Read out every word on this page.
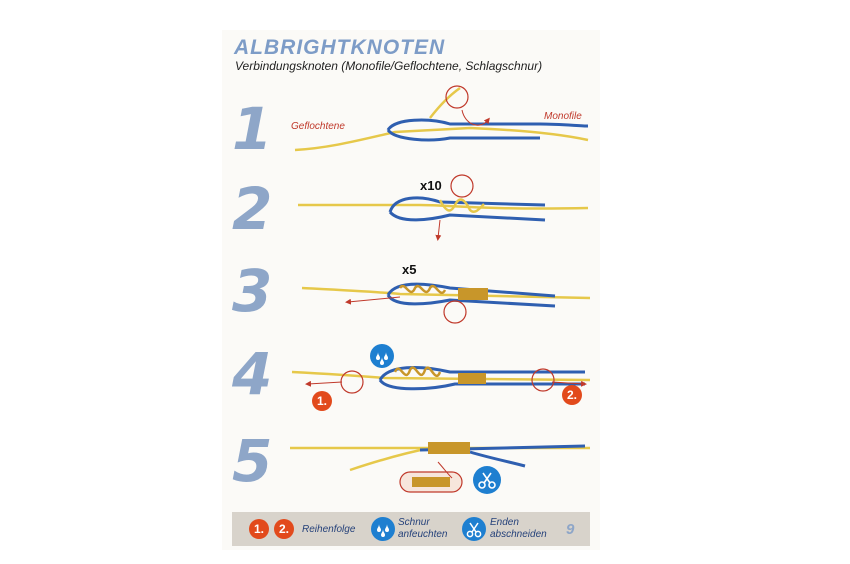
ALBRIGHTKNOTEN
Verbindungsknoten (Monofile/Geflochtene, Schlagschnur)
1
2
3
4
5
Geflochtene
Monofile
x10
x5
1.	2.
1.	2.	Reihenfolge
Schnur
anfeuchten
Enden
abschneiden 9
